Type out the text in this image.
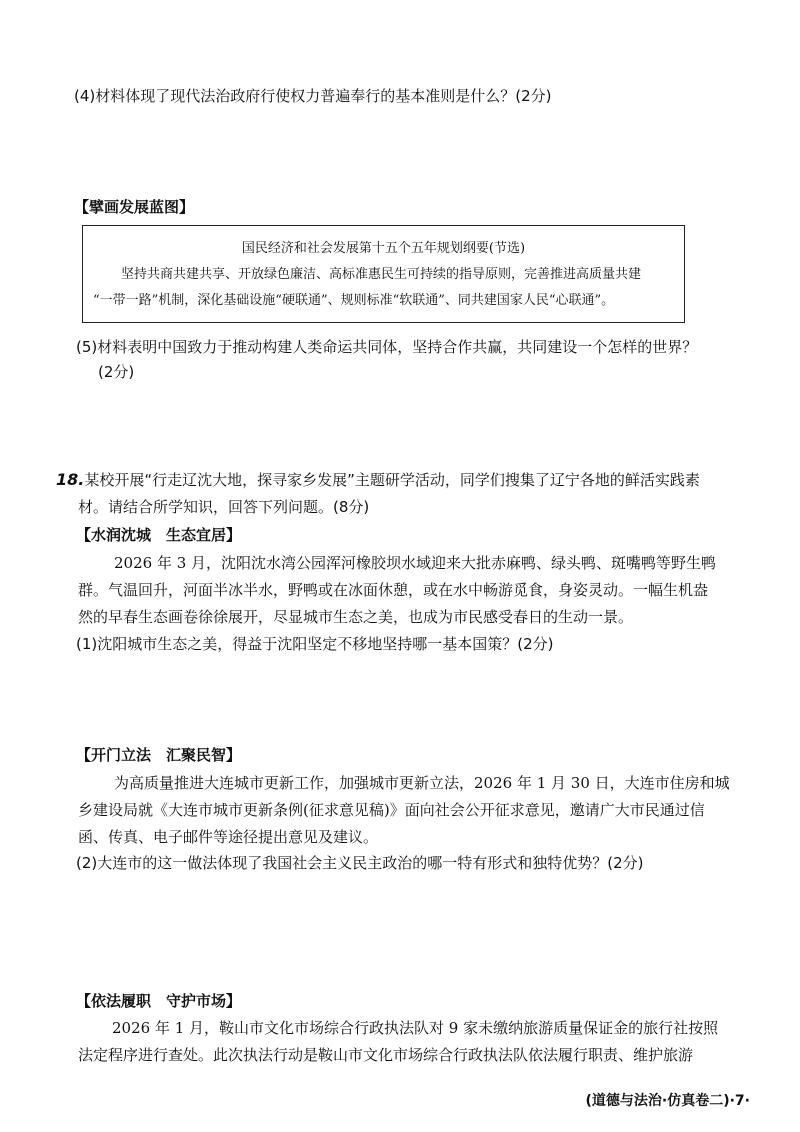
(4)材料体现了现代法治政府行使权力普遍奉行的基本准则是什么？(2分)
【擘画发展蓝图】
国民经济和社会发展第十五个五年规划纲要(节选)
坚持共商共建共享、开放绿色廉洁、高标准惠民生可持续的指导原则，完善推进高质量共建
“一带一路”机制，深化基础设施“硬联通”、规则标准“软联通”、同共建国家人民“心联通”。
(5)材料表明中国致力于推动构建人类命运共同体，坚持合作共赢，共同建设一个怎样的世界？
(2分)
18.某校开展“行走辽沈大地，探寻家乡发展”主题研学活动，同学们搜集了辽宁各地的鲜活实践素
材。请结合所学知识，回答下列问题。(8分)
【水润沈城　生态宜居】
2026 年 3 月，沈阳沈水湾公园浑河橡胶坝水域迎来大批赤麻鸭、绿头鸭、斑嘴鸭等野生鸭
群。气温回升，河面半冰半水，野鸭或在冰面休憩，或在水中畅游觅食，身姿灵动。一幅生机盎
然的早春生态画卷徐徐展开，尽显城市生态之美，也成为市民感受春日的生动一景。
(1)沈阳城市生态之美，得益于沈阳坚定不移地坚持哪一基本国策？(2分)
【开门立法　汇聚民智】
为高质量推进大连城市更新工作，加强城市更新立法，2026 年 1 月 30 日，大连市住房和城
乡建设局就《大连市城市更新条例(征求意见稿)》面向社会公开征求意见，邀请广大市民通过信
函、传真、电子邮件等途径提出意见及建议。
(2)大连市的这一做法体现了我国社会主义民主政治的哪一特有形式和独特优势？(2分)
【依法履职　守护市场】
2026 年 1 月，鞍山市文化市场综合行政执法队对 9 家未缴纳旅游质量保证金的旅行社按照
法定程序进行查处。此次执法行动是鞍山市文化市场综合行政执法队依法履行职责、维护旅游
(道德与法治·仿真卷二)·7·
